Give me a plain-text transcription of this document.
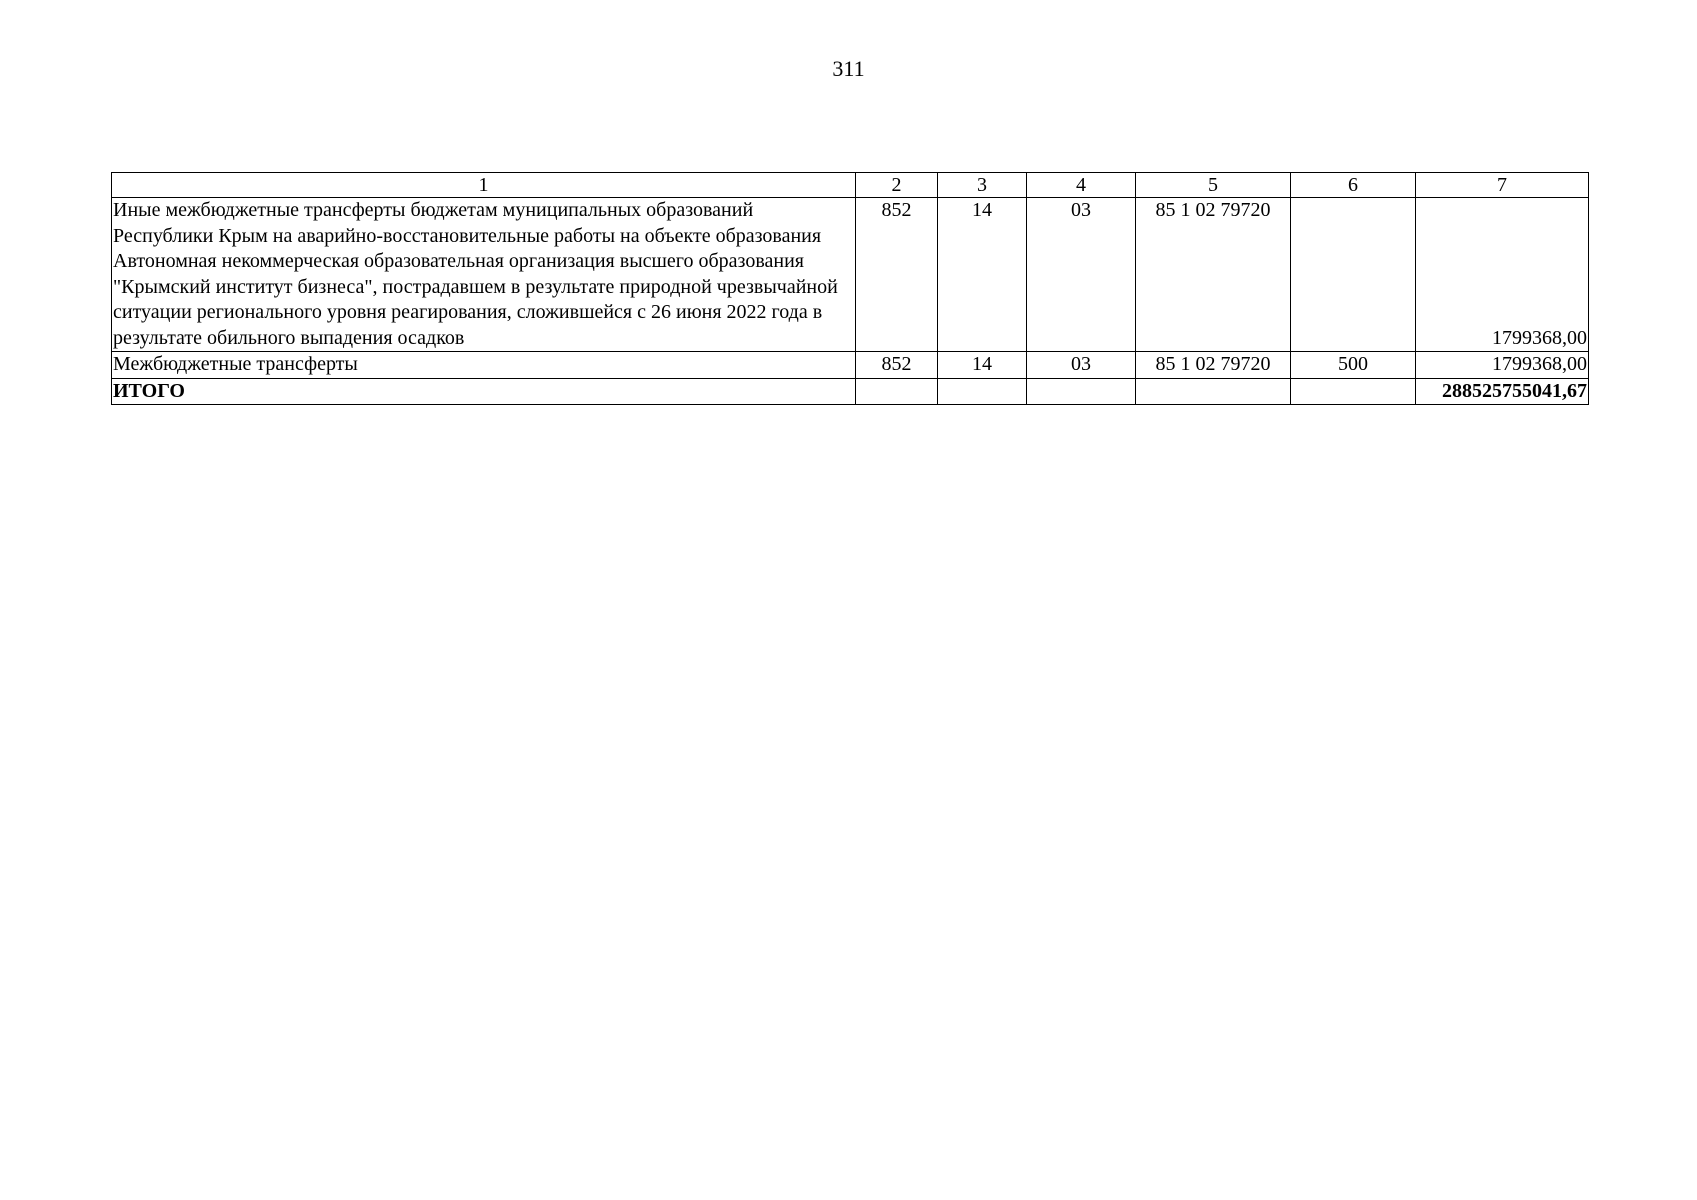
311
1	2	3	4	5	6	7
Иные межбюджетные трансферты бюджетам муниципальных образований Республики Крым на аварийно-восстановительные работы на объекте образования Автономная некоммерческая образовательная организация высшего образования "Крымский институт бизнеса", пострадавшем в результате природной чрезвычайной ситуации регионального уровня реагирования, сложившейся с 26 июня 2022 года в результате обильного выпадения осадков	852	14	03	85 1 02 79720		1799368,00
Межбюджетные трансферты	852	14	03	85 1 02 79720	500	1799368,00
ИТОГО						288525755041,67
